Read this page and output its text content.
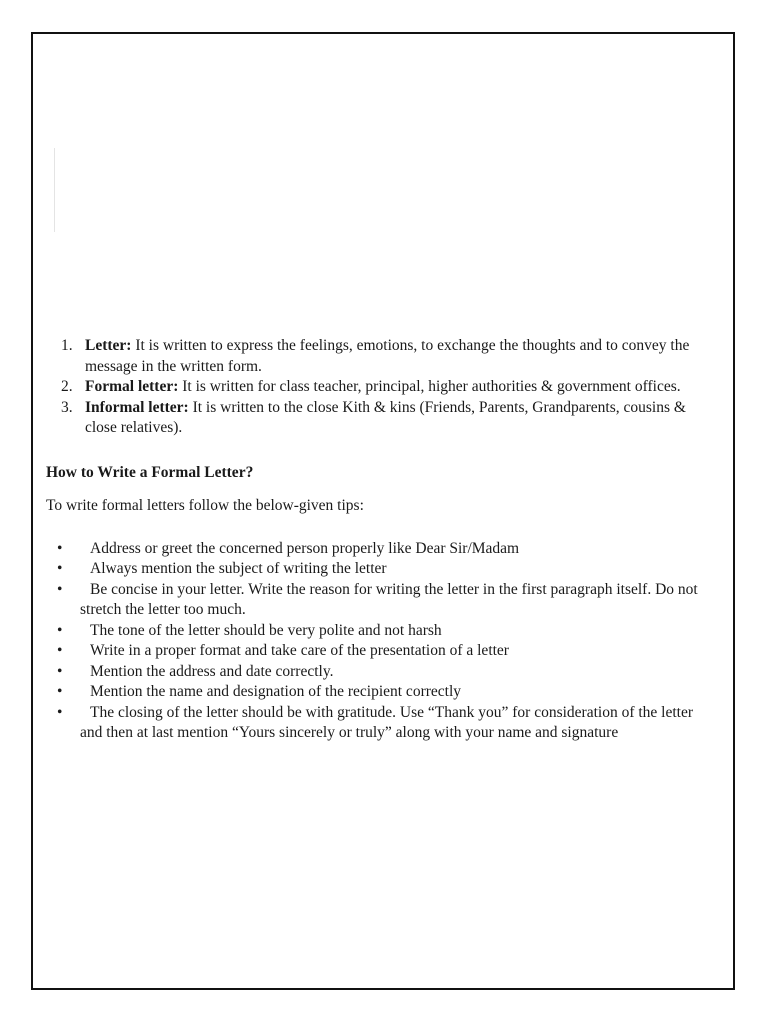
1. Letter: It is written to express the feelings, emotions, to exchange the thoughts and to convey the message in the written form.
2. Formal letter: It is written for class teacher, principal, higher authorities & government offices.
3. Informal letter: It is written to the close Kith & kins (Friends, Parents, Grandparents, cousins & close relatives).

How to Write a Formal Letter?

To write formal letters follow the below-given tips:

• Address or greet the concerned person properly like Dear Sir/Madam
• Always mention the subject of writing the letter
•	Be concise in your letter. Write the reason for writing the letter in the first paragraph itself. Do not stretch the letter too much.
• The tone of the letter should be very polite and not harsh
• Write in a proper format and take care of the presentation of a letter
• Mention the address and date correctly.
• Mention the name and designation of the recipient correctly
•	The closing of the letter should be with gratitude. Use “Thank you” for consideration of the letter and then at last mention “Yours sincerely or truly” along with your name and signature
